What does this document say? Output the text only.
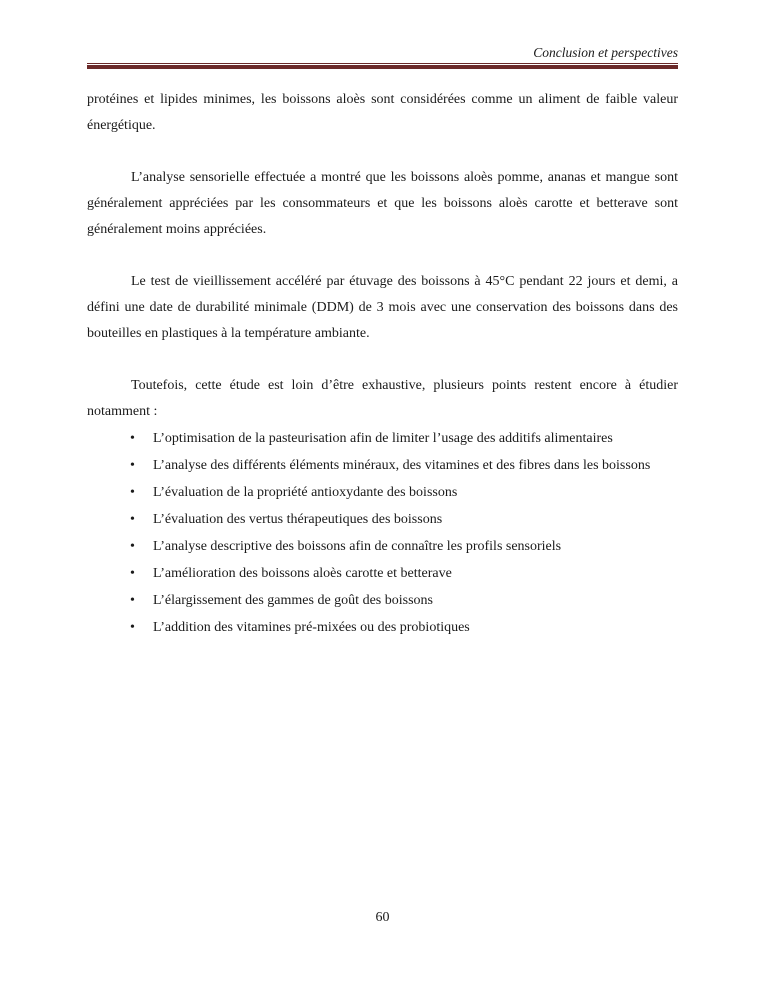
Conclusion et perspectives

protéines et lipides minimes, les boissons aloès sont considérées comme un aliment de faible valeur énergétique.

L’analyse sensorielle effectuée a montré que les boissons aloès pomme, ananas et mangue sont généralement appréciées par les consommateurs et que les boissons aloès carotte et betterave sont généralement moins appréciées.

Le test de vieillissement accéléré par étuvage des boissons à 45°C pendant 22 jours et demi, a défini une date de durabilité minimale (DDM) de 3 mois avec une conservation des boissons dans des bouteilles en plastiques à la température ambiante.

Toutefois, cette étude est loin d’être exhaustive, plusieurs points restent encore à étudier notamment :

• L’optimisation de la pasteurisation afin de limiter l’usage des additifs alimentaires
• L’analyse des différents éléments minéraux, des vitamines et des fibres dans les boissons
• L’évaluation de la propriété antioxydante des boissons
• L’évaluation des vertus thérapeutiques des boissons
• L’analyse descriptive des boissons afin de connaître les profils sensoriels
• L’amélioration des boissons aloès carotte et betterave
• L’élargissement des gammes de goût des boissons
• L’addition des vitamines pré-mixées ou des probiotiques
60
